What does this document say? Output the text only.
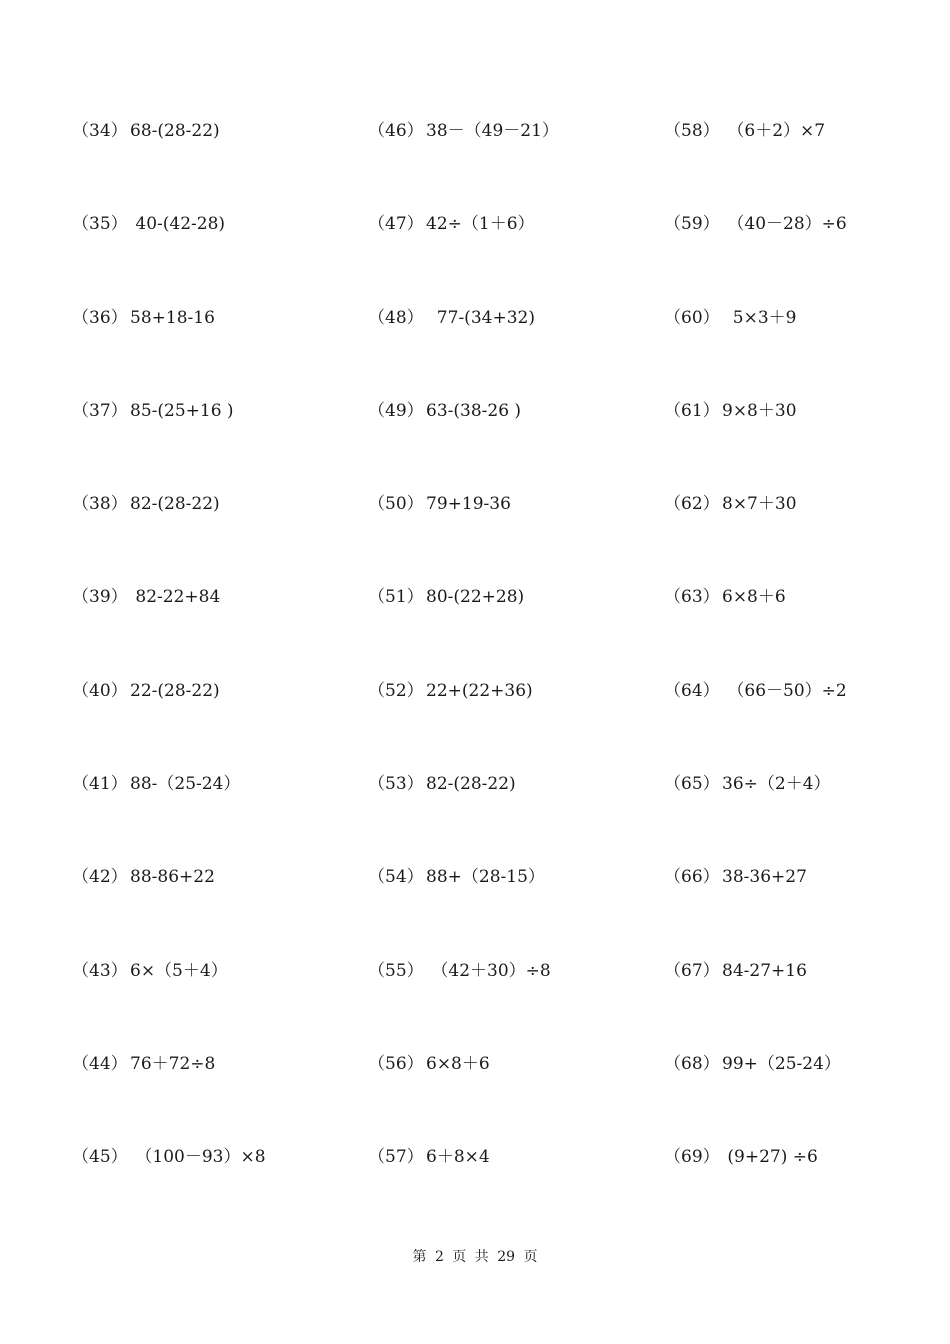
（34） 68-(28-22)
（35） 40-(42-28)
（36） 58+18-16
（37） 85-(25+16 )
（38） 82-(28-22)
（39） 82-22+84
（40） 22-(28-22)
（41） 88-（25-24）
（42） 88-86+22
（43） 6×（5＋4）
（44） 76＋72÷8
（45） （100－93）×8
（46） 38－（49－21）
（47） 42÷（1＋6）
（48） 77-(34+32)
（49） 63-(38-26 )
（50） 79+19-36
（51） 80-(22+28)
（52） 22+(22+36)
（53） 82-(28-22)
（54） 88+（28-15）
（55） （42＋30）÷8
（56） 6×8＋6
（57） 6＋8×4
（58） （6＋2）×7
（59） （40－28）÷6
（60） 5×3＋9
（61） 9×8＋30
（62） 8×7＋30
（63） 6×8＋6
（64） （66－50）÷2
（65） 36÷（2＋4）
（66） 38-36+27
（67） 84-27+16
（68） 99+（25-24）
（69） (9+27) ÷6
第 2 页 共 29 页
